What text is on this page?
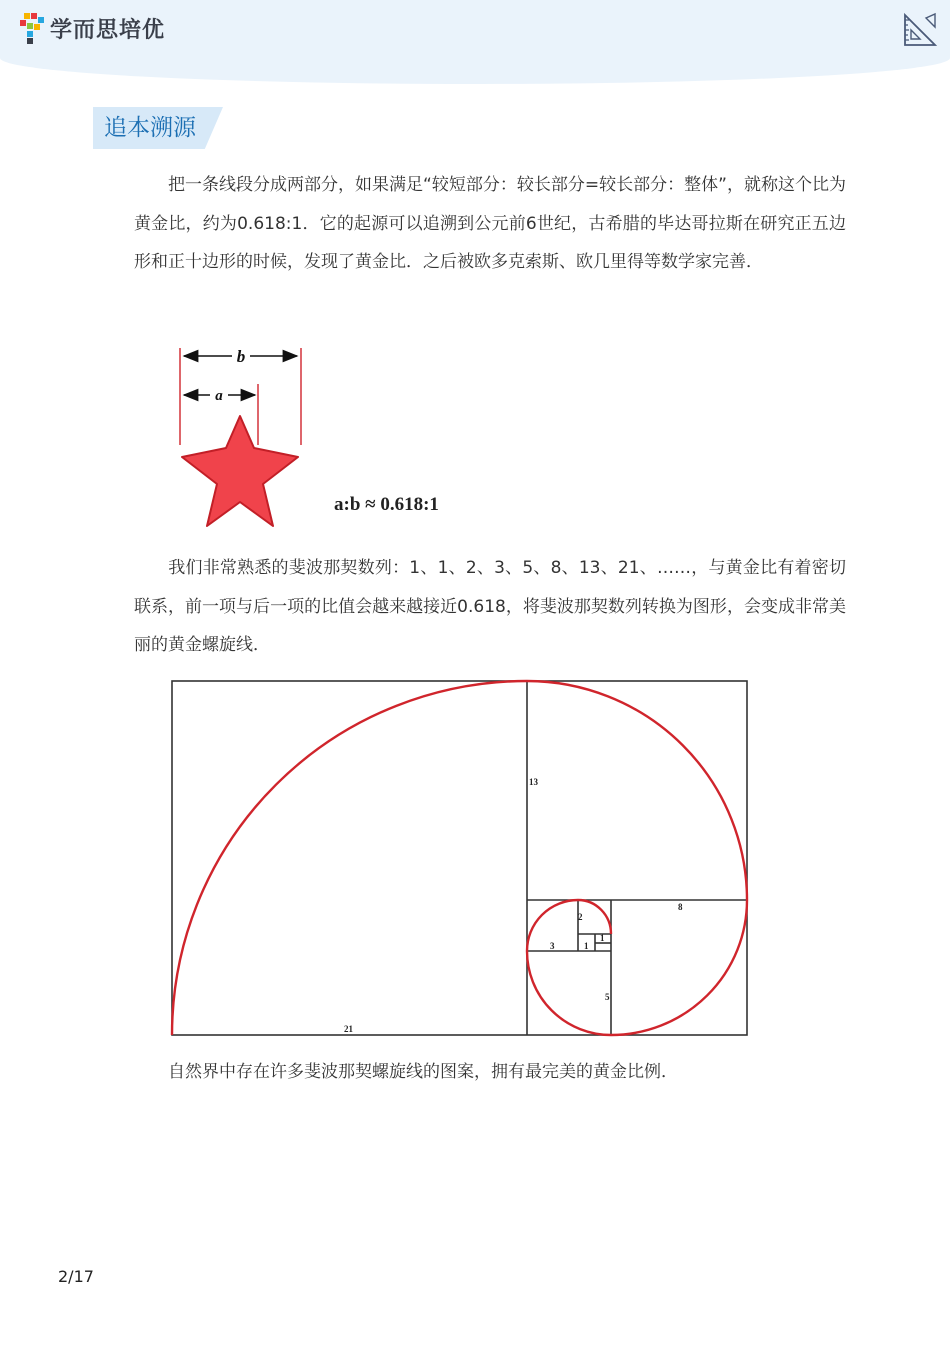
学而思培优
追本溯源

把一条线段分成两部分，如果满足“较短部分：较长部分=较长部分：整体”，就称这个比为黄金比，约为0.618:1．它的起源可以追溯到公元前6世纪，古希腊的毕达哥拉斯在研究正五边形和正十边形的时候，发现了黄金比．之后被欧多克索斯、欧几里得等数学家完善．

b
a
a:b ≈ 0.618:1

我们非常熟悉的斐波那契数列：1、1、2、3、5、8、13、21、……，与黄金比有着密切联系，前一项与后一项的比值会越来越接近0.618，将斐波那契数列转换为图形，会变成非常美丽的黄金螺旋线．

13
8
2
1
3	1
5
21

自然界中存在许多斐波那契螺旋线的图案，拥有最完美的黄金比例．

2/17
